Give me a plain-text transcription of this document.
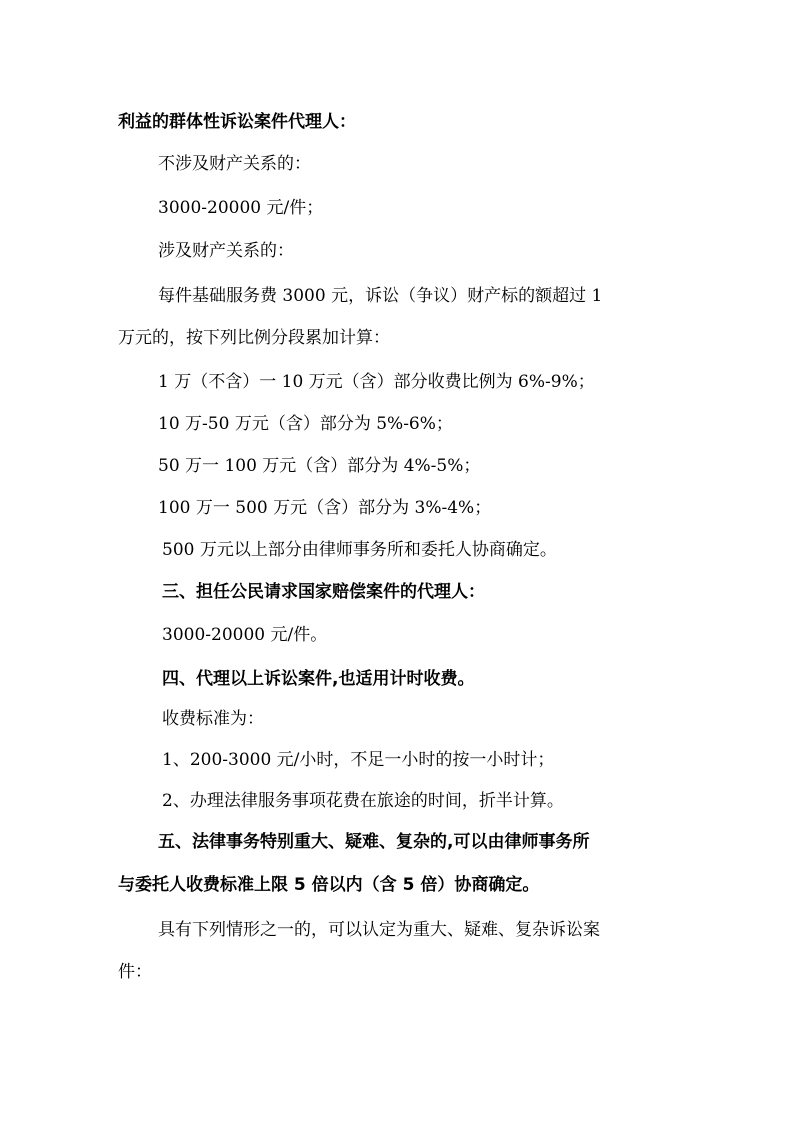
利益的群体性诉讼案件代理人：
不涉及财产关系的：
3000-20000 元/件；
涉及财产关系的：
每件基础服务费 3000 元，诉讼（争议）财产标的额超过 1
万元的，按下列比例分段累加计算：
1 万（不含）一 10 万元（含）部分收费比例为 6%-9%；
10 万-50 万元（含）部分为 5%-6%；
50 万一 100 万元（含）部分为 4%-5%；
100 万一 500 万元（含）部分为 3%-4%；
500 万元以上部分由律师事务所和委托人协商确定。
三、担任公民请求国家赔偿案件的代理人：
3000-20000 元/件。
四、代理以上诉讼案件,也适用计时收费。
收费标准为：
1、200-3000 元/小时，不足一小时的按一小时计；
2、办理法律服务事项花费在旅途的时间，折半计算。
五、法律事务特别重大、疑难、复杂的,可以由律师事务所
与委托人收费标准上限 5 倍以内（含 5 倍）协商确定。
具有下列情形之一的，可以认定为重大、疑难、复杂诉讼案
件：
